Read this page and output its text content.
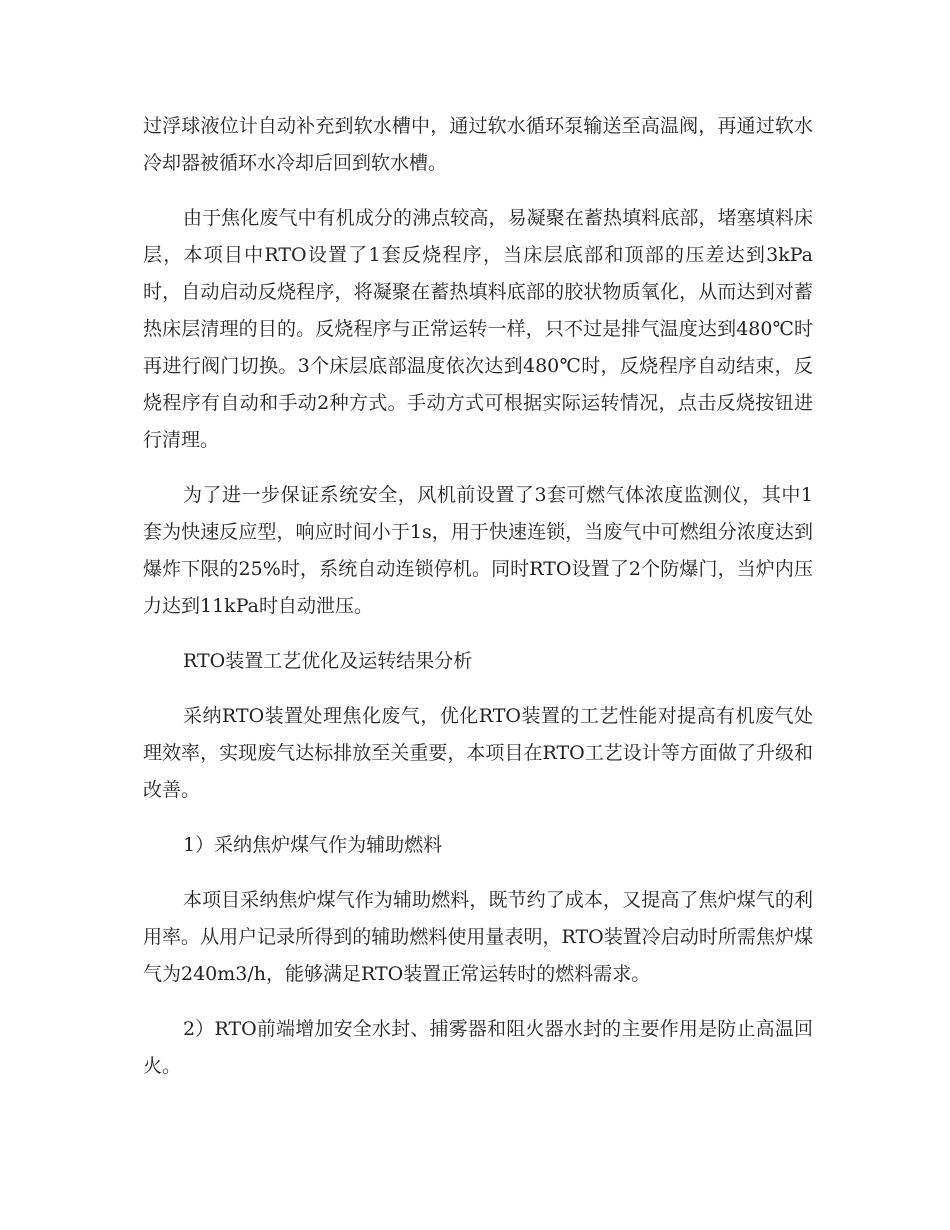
过浮球液位计自动补充到软水槽中，通过软水循环泵输送至高温阀，再通过软水冷却器被循环水冷却后回到软水槽。

由于焦化废气中有机成分的沸点较高，易凝聚在蓄热填料底部，堵塞填料床层，本项目中RTO设置了1套反烧程序，当床层底部和顶部的压差达到3kPa时，自动启动反烧程序，将凝聚在蓄热填料底部的胶状物质氧化，从而达到对蓄热床层清理的目的。反烧程序与正常运转一样，只不过是排气温度达到480℃时再进行阀门切换。3个床层底部温度依次达到480℃时，反烧程序自动结束，反烧程序有自动和手动2种方式。手动方式可根据实际运转情况，点击反烧按钮进行清理。

为了进一步保证系统安全，风机前设置了3套可燃气体浓度监测仪，其中1套为快速反应型，响应时间小于1s，用于快速连锁，当废气中可燃组分浓度达到爆炸下限的25%时，系统自动连锁停机。同时RTO设置了2个防爆门，当炉内压力达到11kPa时自动泄压。

RTO装置工艺优化及运转结果分析

采纳RTO装置处理焦化废气，优化RTO装置的工艺性能对提高有机废气处理效率，实现废气达标排放至关重要，本项目在RTO工艺设计等方面做了升级和改善。

1）采纳焦炉煤气作为辅助燃料

本项目采纳焦炉煤气作为辅助燃料，既节约了成本，又提高了焦炉煤气的利用率。从用户记录所得到的辅助燃料使用量表明，RTO装置冷启动时所需焦炉煤气为240m3/h，能够满足RTO装置正常运转时的燃料需求。

2）RTO前端增加安全水封、捕雾器和阻火器水封的主要作用是防止高温回火。
